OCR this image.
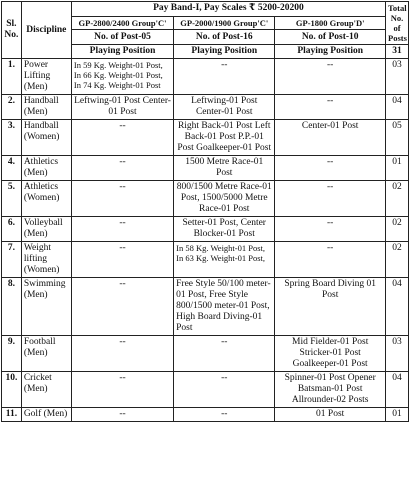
Sl. No.	Discipline	Pay Band-I, Pay Scales ₹ 5200-20200			Total No. of Posts
		GP-2800/2400 Group'C'	GP-2000/1900 Group'C'	GP-1800 Group'D'	
		No. of Post-05	No. of Post-16	No. of Post-10	
		Playing Position	Playing Position	Playing Position	31
1.	Power Lifting (Men)	In 59 Kg. Weight-01 Post, In 66 Kg. Weight-01 Post, In 74 Kg. Weight-01 Post	--	--	03
2.	Handball (Men)	Leftwing-01 Post Center-01 Post	Leftwing-01 Post Center-01 Post	--	04
3.	Handball (Women)	--	Right Back-01 Post Left Back-01 Post P.P.-01 Post Goalkeeper-01 Post	Center-01 Post	05
4.	Athletics (Men)	--	1500 Metre Race-01 Post	--	01
5.	Athletics (Women)	--	800/1500 Metre Race-01 Post, 1500/5000 Metre Race-01 Post	--	02
6.	Volleyball (Men)	--	Setter-01 Post, Center Blocker-01 Post	--	02
7.	Weight lifting (Women)	--	In 58 Kg. Weight-01 Post, In 63 Kg. Weight-01 Post,	--	02
8.	Swimming (Men)	--	Free Style 50/100 meter-01 Post, Free Style 800/1500 meter-01 Post, High Board Diving-01 Post	Spring Board Diving 01 Post	04
9.	Football (Men)	--	--	Mid Fielder-01 Post Stricker-01 Post Goalkeeper-01 Post	03
10.	Cricket (Men)	--	--	Spinner-01 Post Opener Batsman-01 Post Allrounder-02 Posts	04
11.	Golf (Men)	--	--	01 Post	01
